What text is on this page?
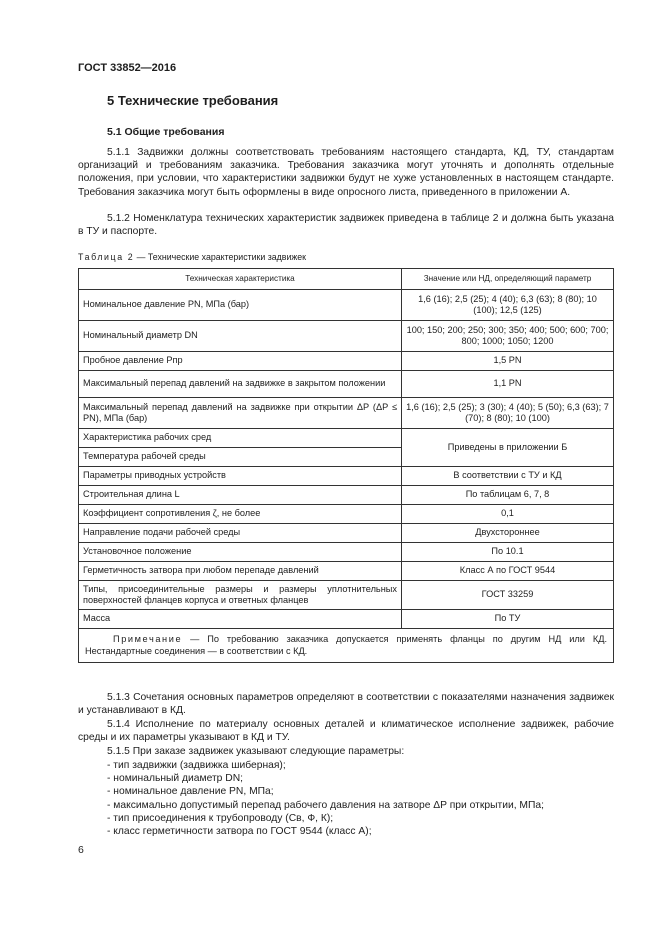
ГОСТ 33852—2016
5 Технические требования
5.1 Общие требования

5.1.1 Задвижки должны соответствовать требованиям настоящего стандарта, КД, ТУ, стандартам организаций и требованиям заказчика. Требования заказчика могут уточнять и дополнять отдельные положения, при условии, что характеристики задвижки будут не хуже установленных в настоящем стандарте. Требования заказчика могут быть оформлены в виде опросного листа, приведенного в приложении А.

5.1.2 Номенклатура технических характеристик задвижек приведена в таблице 2 и должна быть указана в ТУ и паспорте.

Таблица 2 — Технические характеристики задвижек
Техническая характеристика	Значение или НД, определяющий параметр
Номинальное давление PN, МПа (бар)	1,6 (16); 2,5 (25); 4 (40); 6,3 (63); 8 (80); 10 (100); 12,5 (125)
Номинальный диаметр DN	100; 150; 200; 250; 300; 350; 400; 500; 600; 700; 800; 1000; 1050; 1200
Пробное давление Pпр	1,5 PN
Максимальный перепад давлений на задвижке в закрытом положении	1,1 PN
Максимальный перепад давлений на задвижке при открытии ΔP (ΔP ≤ PN), МПа (бар)	1,6 (16); 2,5 (25); 3 (30); 4 (40); 5 (50); 6,3 (63); 7 (70); 8 (80); 10 (100)
Характеристика рабочих сред	Приведены в приложении Б
Температура рабочей среды	
Параметры приводных устройств	В соответствии с ТУ и КД
Строительная длина L	По таблицам 6, 7, 8
Коэффициент сопротивления ζ, не более	0,1
Направление подачи рабочей среды	Двухстороннее
Установочное положение	По 10.1
Герметичность затвора при любом перепаде давлений	Класс А по ГОСТ 9544
Типы, присоединительные размеры и размеры уплотнительных поверхностей фланцев корпуса и ответных фланцев	ГОСТ 33259
Масса	По ТУ
Примечание — По требованию заказчика допускается применять фланцы по другим НД или КД. Нестандартные соединения — в соответствии с КД.	

5.1.3 Сочетания основных параметров определяют в соответствии с показателями назначения задвижек и устанавливают в КД.

5.1.4 Исполнение по материалу основных деталей и климатическое исполнение задвижек, рабочие среды и их параметры указывают в КД и ТУ.

5.1.5 При заказе задвижек указывают следующие параметры:

- тип задвижки (задвижка шиберная);
- номинальный диаметр DN;
- номинальное давление PN, МПа;
- максимально допустимый перепад рабочего давления на затворе ΔP при открытии, МПа;
- тип присоединения к трубопроводу (Св, Ф, К);
- класс герметичности затвора по ГОСТ 9544 (класс А);
6
